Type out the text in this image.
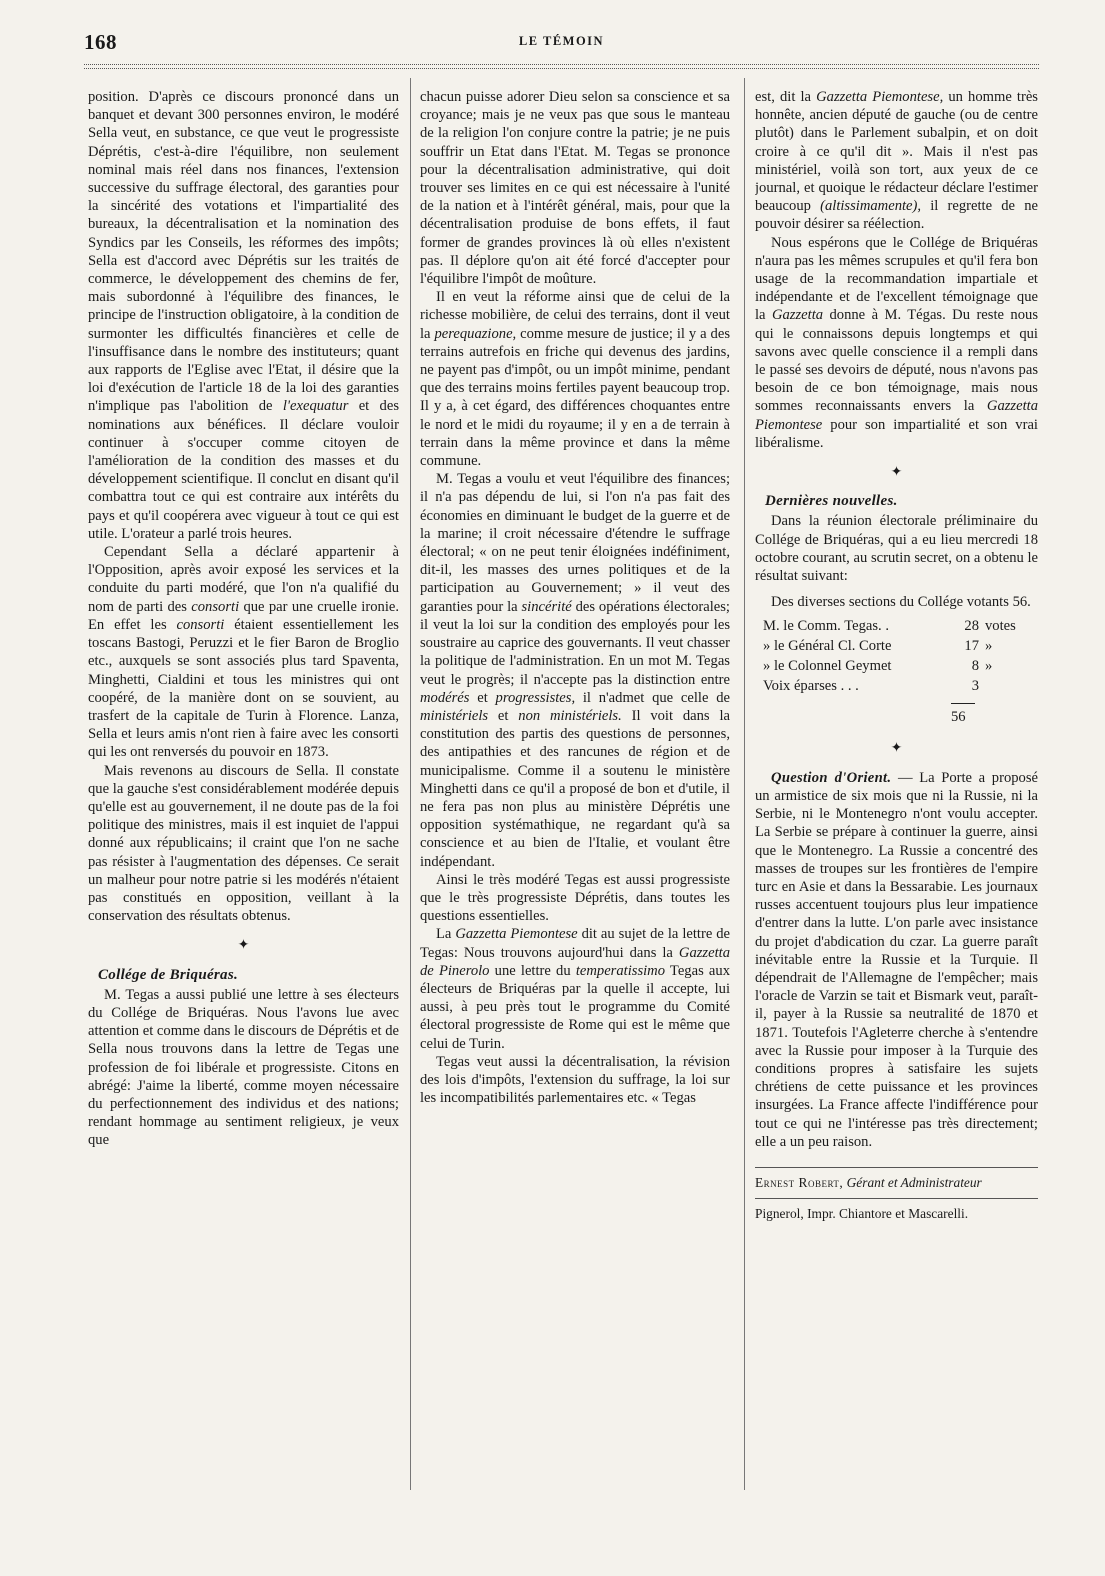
168	LE TÉMOIN

position. D'après ce discours prononcé dans un banquet et devant 300 personnes environ, le modéré Sella veut, en substance, ce que veut le progressiste Déprétis, c'est-à-dire l'équilibre, non seulement nominal mais réel dans nos finances, l'extension successive du suffrage électoral, des garanties pour la sincérité des votations et l'impartialité des bureaux, la décentralisation et la nomination des Syndics par les Conseils, les réformes des impôts; Sella est d'accord avec Déprétis sur les traités de commerce, le développement des chemins de fer, mais subordonné à l'équilibre des finances, le principe de l'instruction obligatoire, à la condition de surmonter les difficultés financières et celle de l'insuffisance dans le nombre des instituteurs; quant aux rapports de l'Eglise avec l'Etat, il désire que la loi d'exécution de l'article 18 de la loi des garanties n'implique pas l'abolition de l'exequatur et des nominations aux bénéfices. Il déclare vouloir continuer à s'occuper comme citoyen de l'amélioration de la condition des masses et du développement scientifique. Il conclut en disant qu'il combattra tout ce qui est contraire aux intérêts du pays et qu'il coopérera avec vigueur à tout ce qui est utile. L'orateur a parlé trois heures.

Cependant Sella a déclaré appartenir à l'Opposition, après avoir exposé les services et la conduite du parti modéré, que l'on n'a qualifié du nom de parti des consorti que par une cruelle ironie. En effet les consorti étaient essentiellement les toscans Bastogi, Peruzzi et le fier Baron de Broglio etc., auxquels se sont associés plus tard Spaventa, Minghetti, Cialdini et tous les ministres qui ont coopéré, de la manière dont on se souvient, au trasfert de la capitale de Turin à Florence. Lanza, Sella et leurs amis n'ont rien à faire avec les consorti qui les ont renversés du pouvoir en 1873.

Mais revenons au discours de Sella. Il constate que la gauche s'est considérablement modérée depuis qu'elle est au gouvernement, il ne doute pas de la foi politique des ministres, mais il est inquiet de l'appui donné aux républicains; il craint que l'on ne sache pas résister à l'augmentation des dépenses. Ce serait un malheur pour notre patrie si les modérés n'étaient pas constitués en opposition, veillant à la conservation des résultats obtenus.

✦
Collége de Briquéras.

M. Tegas a aussi publié une lettre à ses électeurs du Collége de Briquéras. Nous l'avons lue avec attention et comme dans le discours de Déprétis et de Sella nous trouvons dans la lettre de Tegas une profession de foi libérale et progressiste. Citons en abrégé: J'aime la liberté, comme moyen nécessaire du perfectionnement des individus et des nations; rendant hommage au sentiment religieux, je veux que

chacun puisse adorer Dieu selon sa conscience et sa croyance; mais je ne veux pas que sous le manteau de la religion l'on conjure contre la patrie; je ne puis souffrir un Etat dans l'Etat. M. Tegas se prononce pour la décentralisation administrative, qui doit trouver ses limites en ce qui est nécessaire à l'unité de la nation et à l'intérêt général, mais, pour que la décentralisation produise de bons effets, il faut former de grandes provinces là où elles n'existent pas. Il déplore qu'on ait été forcé d'accepter pour l'équilibre l'impôt de moûture.

Il en veut la réforme ainsi que de celui de la richesse mobilière, de celui des terrains, dont il veut la perequazione, comme mesure de justice; il y a des terrains autrefois en friche qui devenus des jardins, ne payent pas d'impôt, ou un impôt minime, pendant que des terrains moins fertiles payent beaucoup trop. Il y a, à cet égard, des différences choquantes entre le nord et le midi du royaume; il y en a de terrain à terrain dans la même province et dans la même commune.

M. Tegas a voulu et veut l'équilibre des finances; il n'a pas dépendu de lui, si l'on n'a pas fait des économies en diminuant le budget de la guerre et de la marine; il croit nécessaire d'étendre le suffrage électoral; « on ne peut tenir éloignées indéfiniment, dit-il, les masses des urnes politiques et de la participation au Gouvernement; » il veut des garanties pour la sincérité des opérations électorales; il veut la loi sur la condition des employés pour les soustraire au caprice des gouvernants. Il veut chasser la politique de l'administration. En un mot M. Tegas veut le progrès; il n'accepte pas la distinction entre modérés et progressistes, il n'admet que celle de ministériels et non ministériels. Il voit dans la constitution des partis des questions de personnes, des antipathies et des rancunes de région et de municipalisme. Comme il a soutenu le ministère Minghetti dans ce qu'il a proposé de bon et d'utile, il ne fera pas non plus au ministère Déprétis une opposition systémathique, ne regardant qu'à sa conscience et au bien de l'Italie, et voulant être indépendant.

Ainsi le très modéré Tegas est aussi progressiste que le très progressiste Déprétis, dans toutes les questions essentielles.

La Gazzetta Piemontese dit au sujet de la lettre de Tegas: Nous trouvons aujourd'hui dans la Gazzetta de Pinerolo une lettre du temperatissimo Tegas aux électeurs de Briquéras par la quelle il accepte, lui aussi, à peu près tout le programme du Comité électoral progressiste de Rome qui est le même que celui de Turin.

Tegas veut aussi la décentralisation, la révision des lois d'impôts, l'extension du suffrage, la loi sur les incompatibilités parlementaires etc. « Tegas

est, dit la Gazzetta Piemontese, un homme très honnête, ancien député de gauche (ou de centre plutôt) dans le Parlement subalpin, et on doit croire à ce qu'il dit ». Mais il n'est pas ministériel, voilà son tort, aux yeux de ce journal, et quoique le rédacteur déclare l'estimer beaucoup (altissimamente), il regrette de ne pouvoir désirer sa réélection.

Nous espérons que le Collége de Briquéras n'aura pas les mêmes scrupules et qu'il fera bon usage de la recommandation impartiale et indépendante et de l'excellent témoignage que la Gazzetta donne à M. Tégas. Du reste nous qui le connaissons depuis longtemps et qui savons avec quelle conscience il a rempli dans le passé ses devoirs de député, nous n'avons pas besoin de ce bon témoignage, mais nous sommes reconnaissants envers la Gazzetta Piemontese pour son impartialité et son vrai libéralisme.

✦
Dernières nouvelles.

Dans la réunion électorale préliminaire du Collége de Briquéras, qui a eu lieu mercredi 18 octobre courant, au scrutin secret, on a obtenu le résultat suivant:

Des diverses sections du Collége votants 56.

M. le Comm. Tegas. .	28 votes
» le Général Cl. Corte	17 »
» le Colonnel Geymet	8 »
Voix éparses . . .	3
56
✦

Question d'Orient. — La Porte a proposé un armistice de six mois que ni la Russie, ni la Serbie, ni le Montenegro n'ont voulu accepter. La Serbie se prépare à continuer la guerre, ainsi que le Montenegro. La Russie a concentré des masses de troupes sur les frontières de l'empire turc en Asie et dans la Bessarabie. Les journaux russes accentuent toujours plus leur impatience d'entrer dans la lutte. L'on parle avec insistance du projet d'abdication du czar. La guerre paraît inévitable entre la Russie et la Turquie. Il dépendrait de l'Allemagne de l'empêcher; mais l'oracle de Varzin se tait et Bismark veut, paraît-il, payer à la Russie sa neutralité de 1870 et 1871. Toutefois l'Agleterre cherche à s'entendre avec la Russie pour imposer à la Turquie des conditions propres à satisfaire les sujets chrétiens de cette puissance et les provinces insurgées. La France affecte l'indifférence pour tout ce qui ne l'intéresse pas très directement; elle a un peu raison.

Ernest Robert, Gérant et Administrateur

Pignerol, Impr. Chiantore et Mascarelli.
